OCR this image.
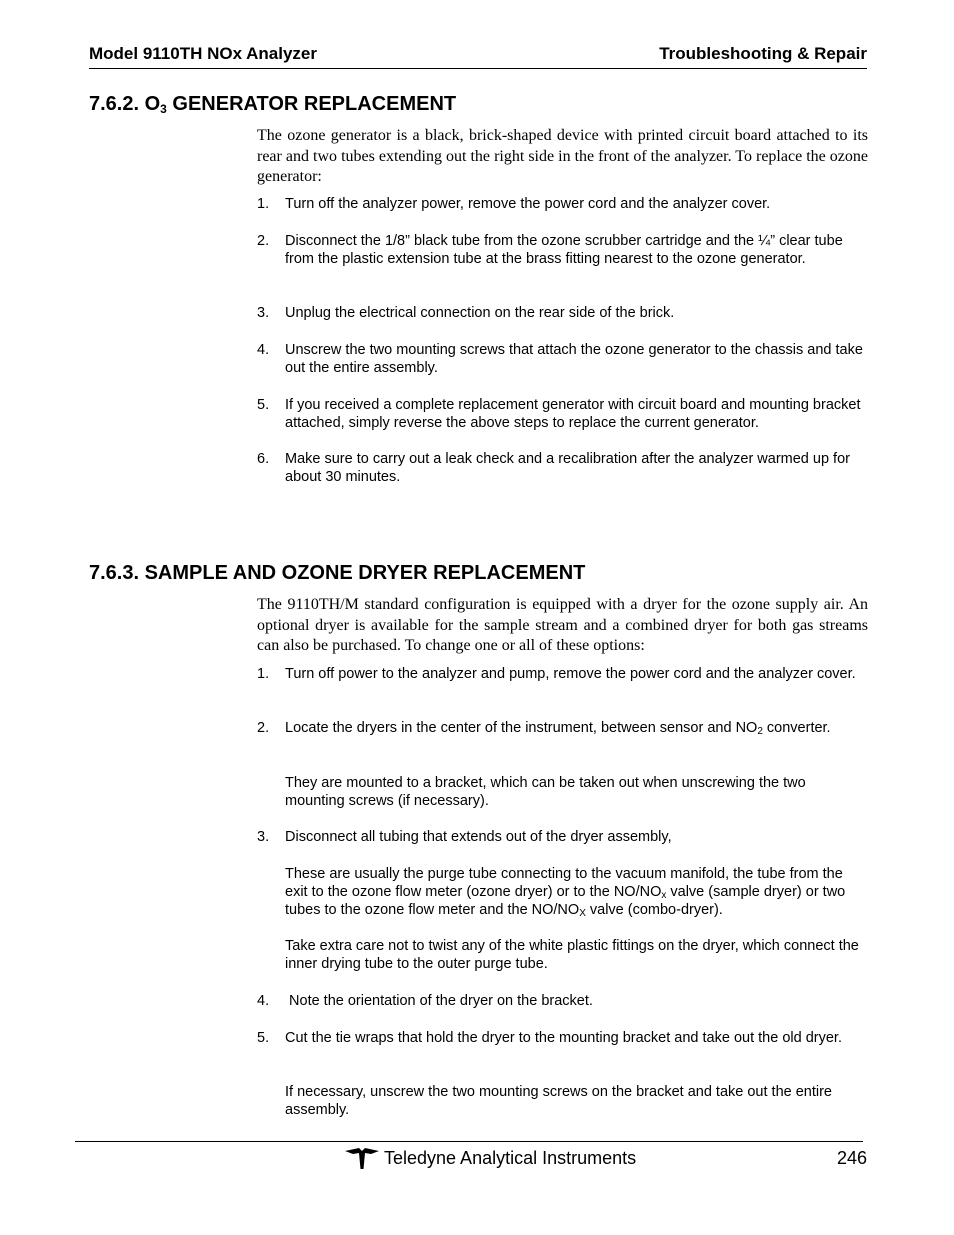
Model 9110TH NOx Analyzer	Troubleshooting & Repair
7.6.2. $O_3$ GENERATOR REPLACEMENT

The ozone generator is a black, brick-shaped device with printed circuit board attached to its rear and two tubes extending out the right side in the front of the analyzer. To replace the ozone generator:

1. Turn off the analyzer power, remove the power cord and the analyzer cover.
2. Disconnect the 1/8” black tube from the ozone scrubber cartridge and the ¼” clear tube from the plastic extension tube at the brass fitting nearest to the ozone generator.
3. Unplug the electrical connection on the rear side of the brick.
4. Unscrew the two mounting screws that attach the ozone generator to the chassis and take out the entire assembly.
5. If you received a complete replacement generator with circuit board and mounting bracket attached, simply reverse the above steps to replace the current generator.
6. Make sure to carry out a leak check and a recalibration after the analyzer warmed up for about 30 minutes.
7.6.3. SAMPLE AND OZONE DRYER REPLACEMENT

The 9110TH/M standard configuration is equipped with a dryer for the ozone supply air. An optional dryer is available for the sample stream and a combined dryer for both gas streams can also be purchased. To change one or all of these options:

1. Turn off power to the analyzer and pump, remove the power cord and the analyzer cover.
2. Locate the dryers in the center of the instrument, between sensor and $NO_2$ converter.

They are mounted to a bracket, which can be taken out when unscrewing the two mounting screws (if necessary).

3. Disconnect all tubing that extends out of the dryer assembly,

These are usually the purge tube connecting to the vacuum manifold, the tube from the exit to the ozone flow meter (ozone dryer) or to the $NO/NO_x$ valve (sample dryer) or two tubes to the ozone flow meter and the $NO/NO_X$ valve (combo-dryer).

Take extra care not to twist any of the white plastic fittings on the dryer, which connect the inner drying tube to the outer purge tube.

4. Note the orientation of the dryer on the bracket.
5. Cut the tie wraps that hold the dryer to the mounting bracket and take out the old dryer.

If necessary, unscrew the two mounting screws on the bracket and take out the entire assembly.

Teledyne Analytical Instruments	246
